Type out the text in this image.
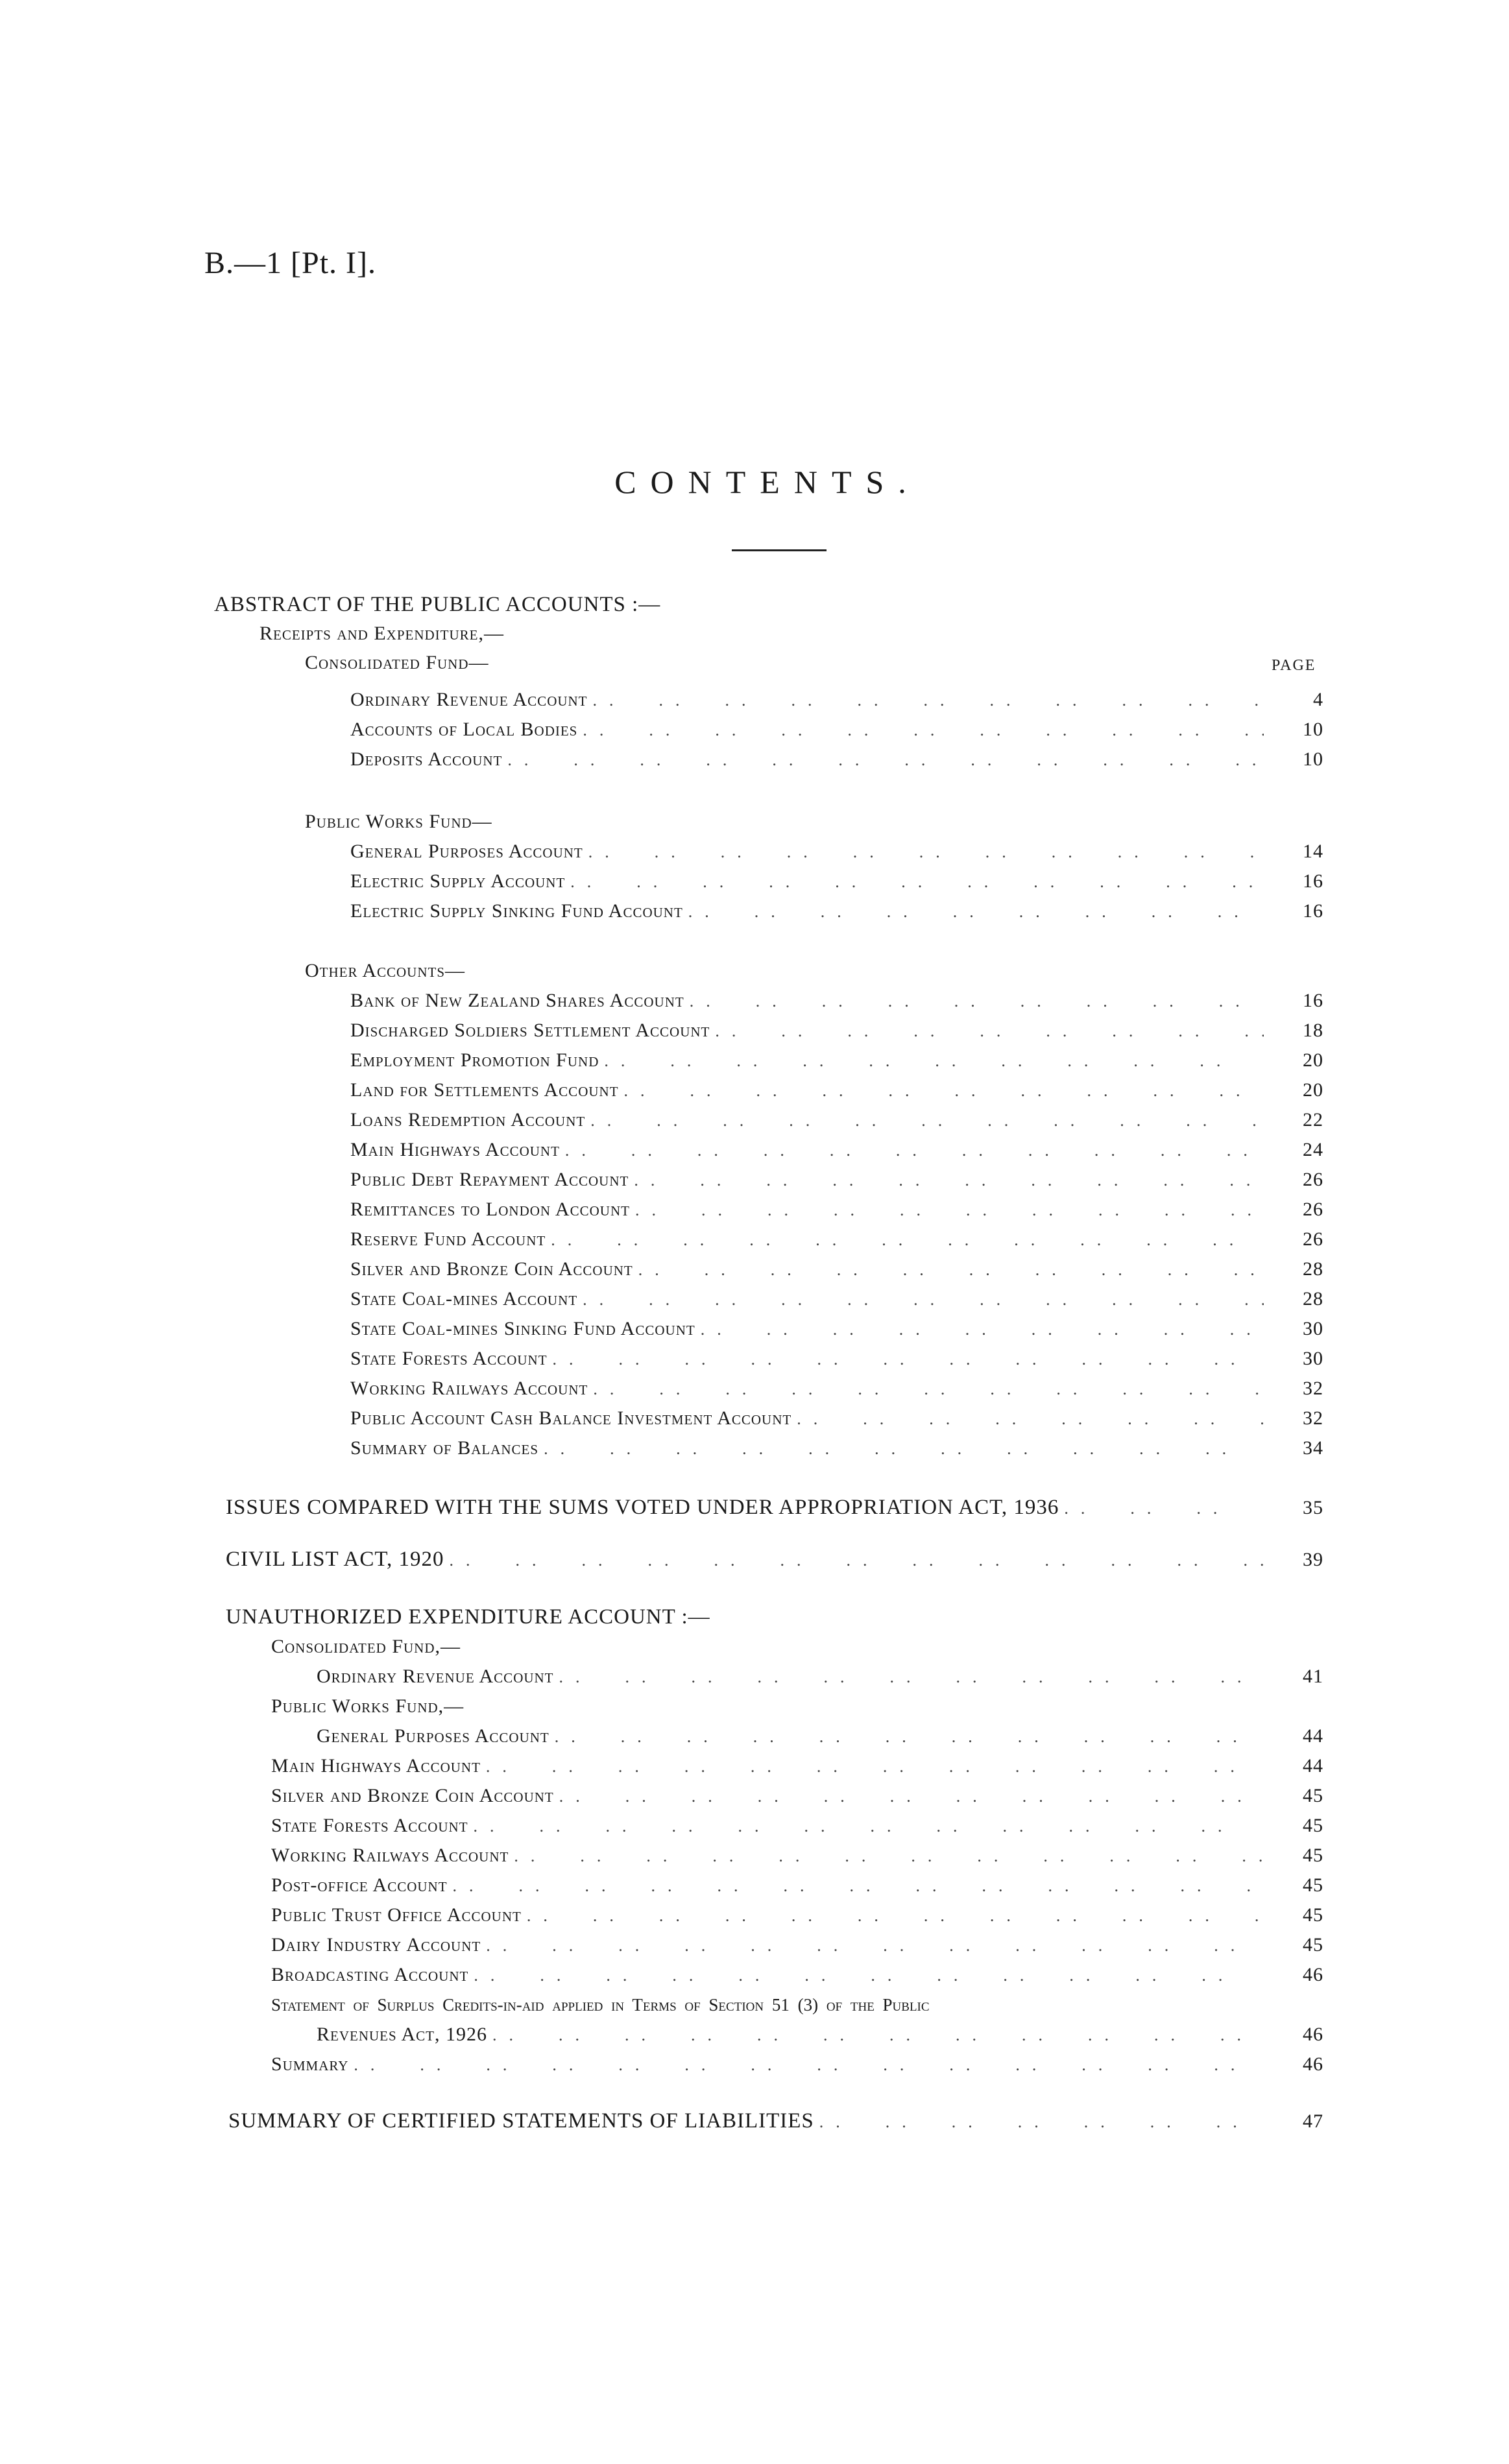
B.—1 [Pt. I].
CONTENTS.
ABSTRACT OF THE PUBLIC ACCOUNTS :—
Receipts and Expenditure,—
Consolidated Fund—	PAGE
Ordinary Revenue Account . .	4
Accounts of Local Bodies . .	10
Deposits Account . .	10
Public Works Fund—
General Purposes Account . .	14
Electric Supply Account . .	16
Electric Supply Sinking Fund Account . .	16
Other Accounts—
Bank of New Zealand Shares Account . .	16
Discharged Soldiers Settlement Account . .	18
Employment Promotion Fund . .	20
Land for Settlements Account . .	20
Loans Redemption Account . .	22
Main Highways Account . .	24
Public Debt Repayment Account . .	26
Remittances to London Account . .	26
Reserve Fund Account . .	26
Silver and Bronze Coin Account . .	28
State Coal-mines Account . .	28
State Coal-mines Sinking Fund Account . .	30
State Forests Account . .	30
Working Railways Account . .	32
Public Account Cash Balance Investment Account . .	32
Summary of Balances . .	34
ISSUES COMPARED WITH THE SUMS VOTED UNDER APPROPRIATION ACT, 1936 . .	35
CIVIL LIST ACT, 1920 . .	39
UNAUTHORIZED EXPENDITURE ACCOUNT :—
Consolidated Fund,—
Ordinary Revenue Account . .	41
Public Works Fund,—
General Purposes Account . .	44
Main Highways Account . .	44
Silver and Bronze Coin Account . .	45
State Forests Account . .	45
Working Railways Account . .	45
Post-office Account . .	45
Public Trust Office Account . .	45
Dairy Industry Account . .	45
Broadcasting Account . .	46
Statement of Surplus Credits-in-aid applied in Terms of Section 51 (3) of the Public
Revenues Act, 1926 . .	46
Summary . .	46
SUMMARY OF CERTIFIED STATEMENTS OF LIABILITIES . .	47
